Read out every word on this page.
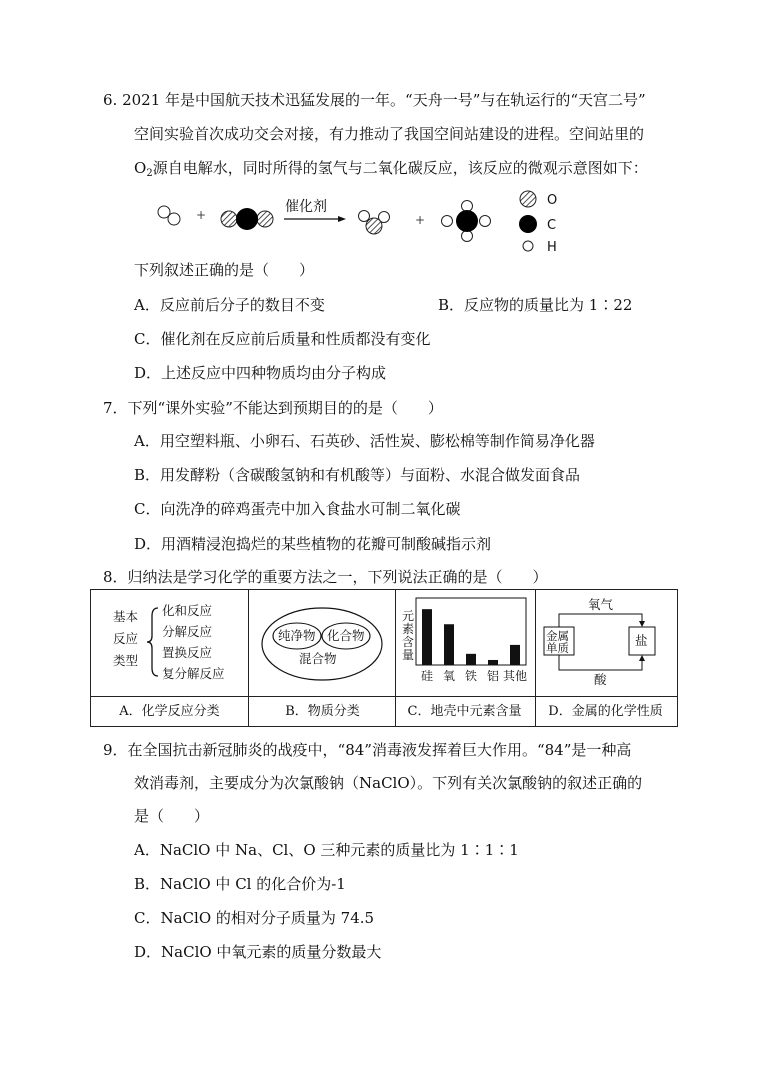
6. 2021 年是中国航天技术迅猛发展的一年。“天舟一号”与在轨运行的“天宫二号”
空间实验首次成功交会对接，有力推动了我国空间站建设的进程。空间站里的
$O_2$源自电解水，同时所得的氢气与二氧化碳反应，该反应的微观示意图如下：
+	催化剂
+
O
C
H
下列叙述正确的是（　　）
A．反应前后分子的数目不变	B．反应物的质量比为 1∶22
C．催化剂在反应前后质量和性质都没有变化
D．上述反应中四种物质均由分子构成
7．下列“课外实验”不能达到预期目的的是（　　）
A．用空塑料瓶、小卵石、石英砂、活性炭、膨松棉等制作简易净化器
B．用发酵粉（含碳酸氢钠和有机酸等）与面粉、水混合做发面食品
C．向洗净的碎鸡蛋壳中加入食盐水可制二氧化碳
D．用酒精浸泡捣烂的某些植物的花瓣可制酸碱指示剂
8．归纳法是学习化学的重要方法之一，下列说法正确的是（　　）
基本
反应
类型
化和反应
分解反应
置换反应
复分解反应
A．化学反应分类
纯净物 化合物
混合物
B．物质分类
元素含量
硅 氧 铁 铝 其他
C．地壳中元素含量
氧气
金属单质	盐
酸
D．金属的化学性质
9．在全国抗击新冠肺炎的战疫中，“84”消毒液发挥着巨大作用。“84”是一种高
效消毒剂，主要成分为次氯酸钠（NaClO）。下列有关次氯酸钠的叙述正确的
是（　　）
A．NaClO 中 Na、Cl、O 三种元素的质量比为 1∶1∶1
B．NaClO 中 Cl 的化合价为-1
C．NaClO 的相对分子质量为 74.5
D．NaClO 中氧元素的质量分数最大
